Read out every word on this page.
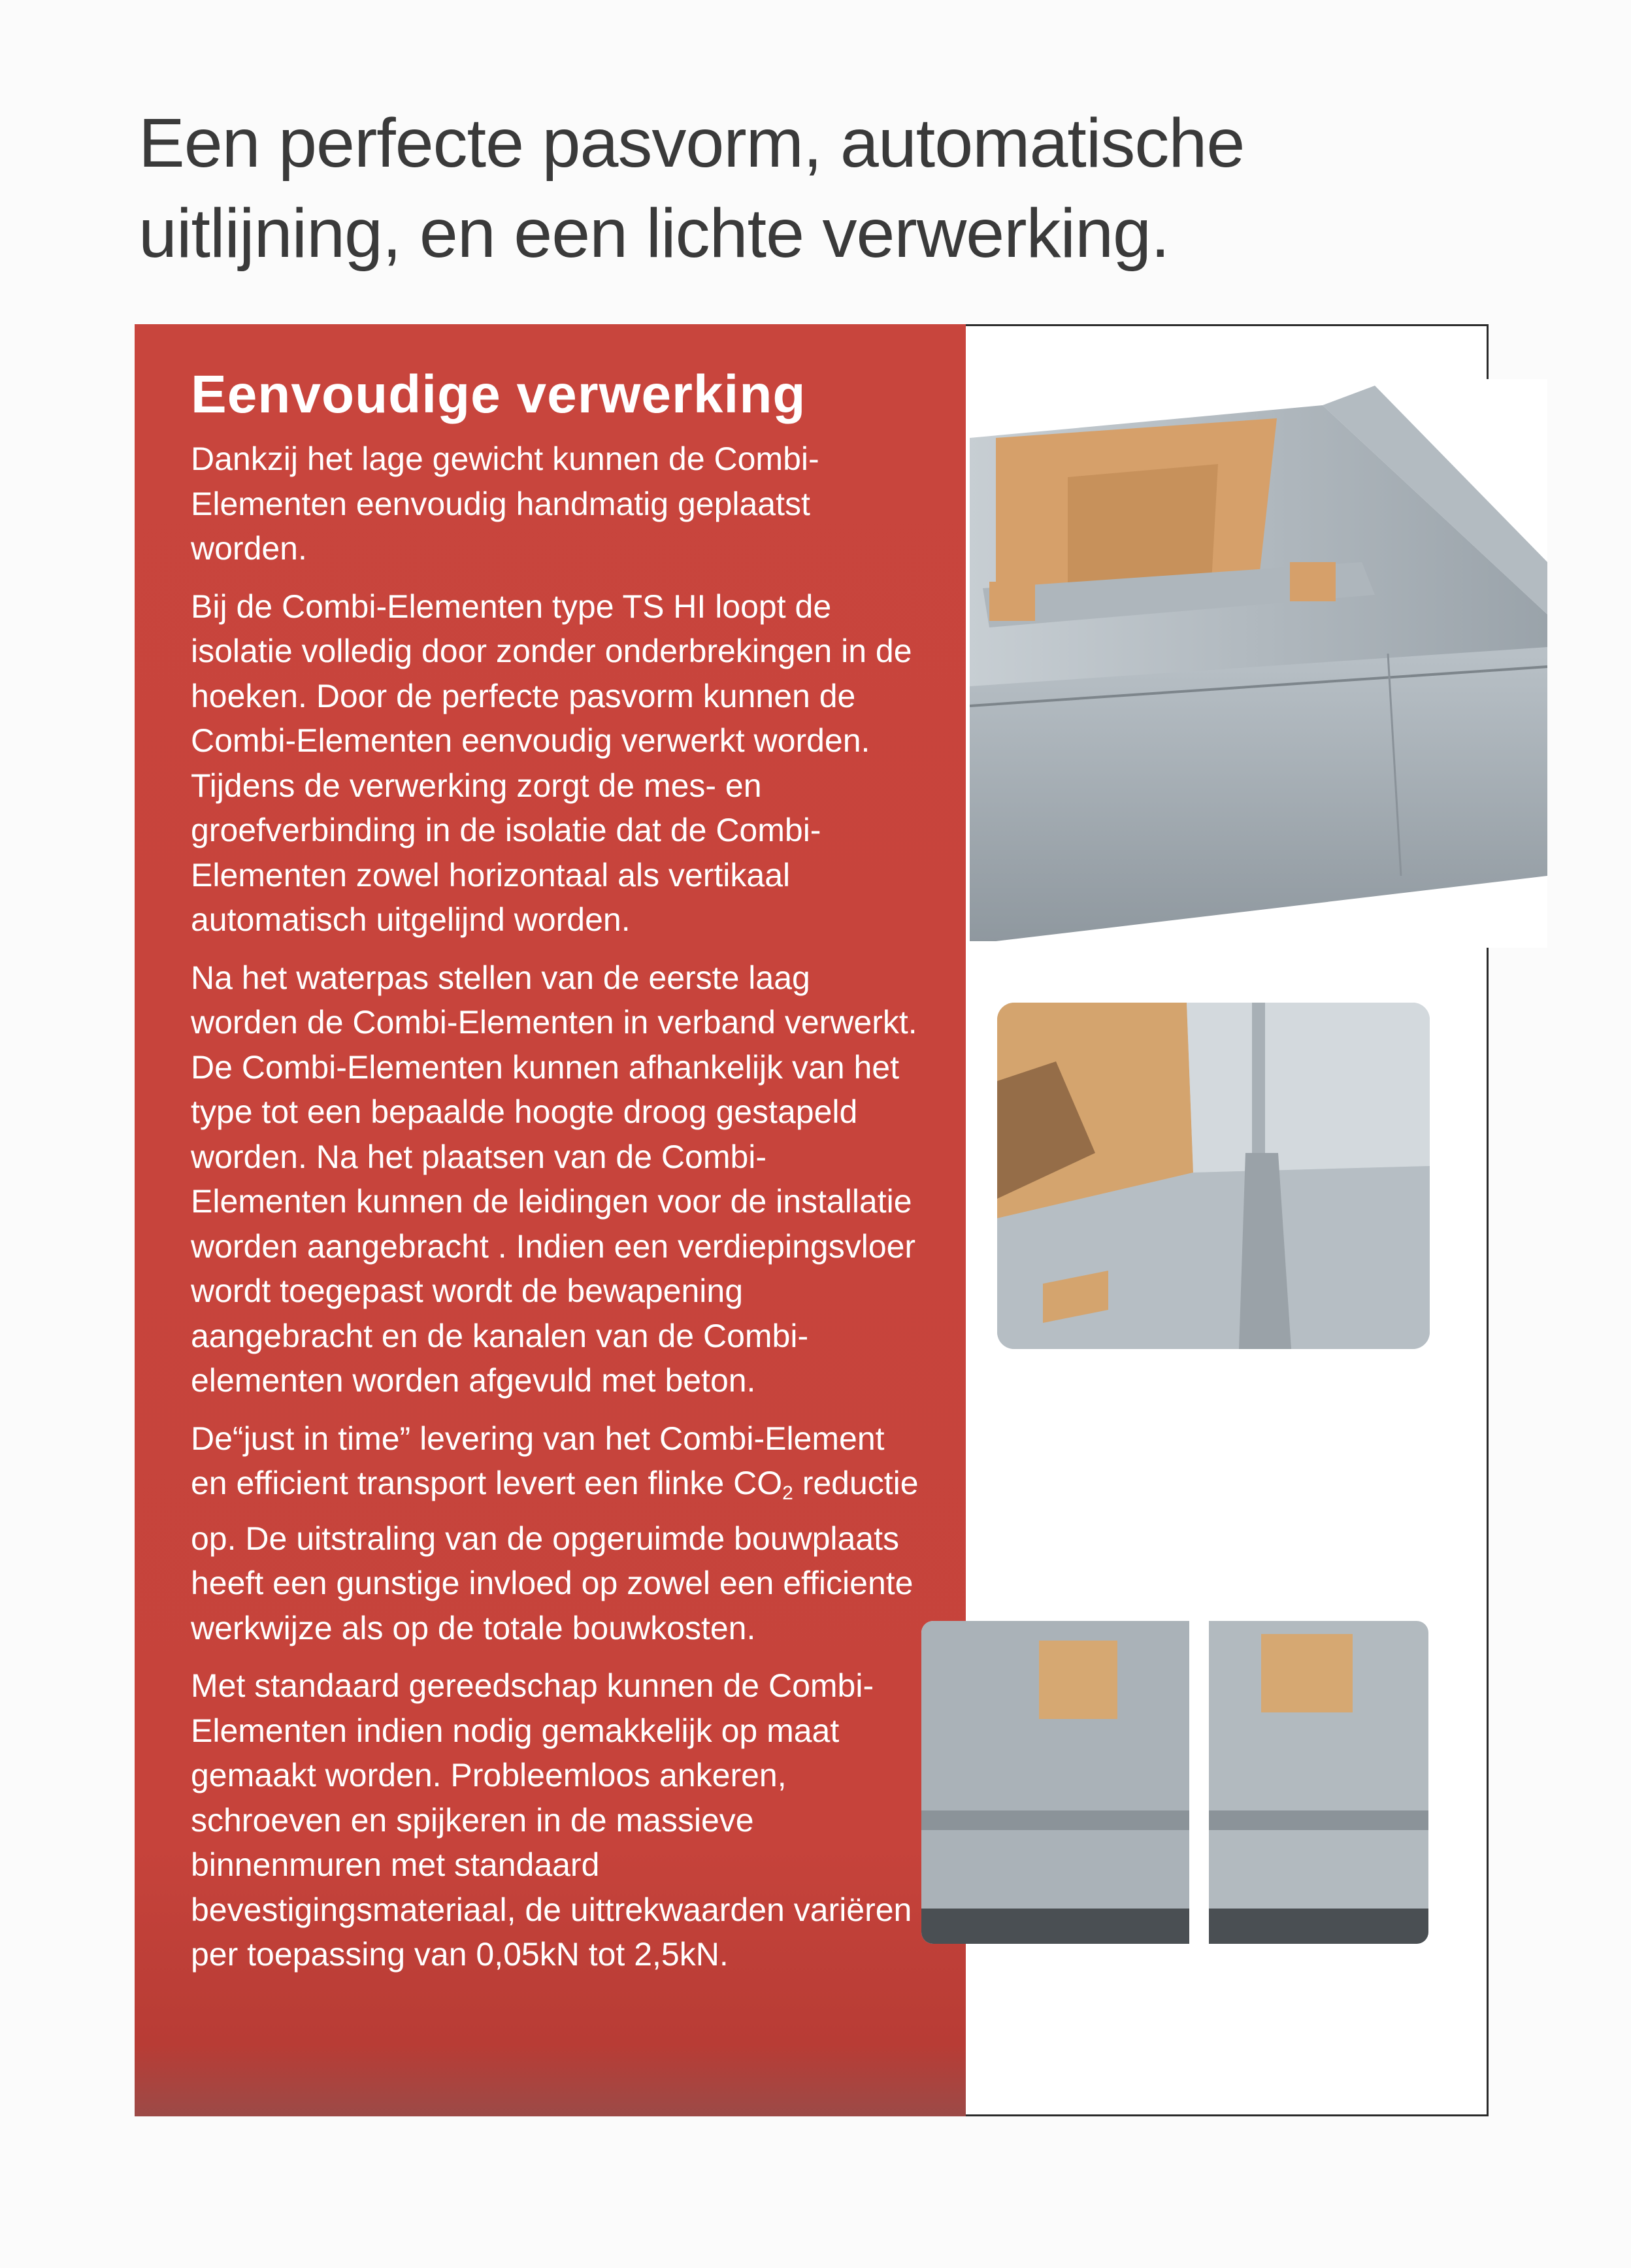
Een perfecte pasvorm, automatische
uitlijning, en een lichte verwerking.
Eenvoudige verwerking

Dankzij het lage gewicht kunnen de Combi-Elementen eenvoudig handmatig geplaatst worden.

Bij de Combi-Elementen type TS HI loopt de isolatie volledig door zonder onderbrekingen in de hoeken. Door de perfecte pasvorm kunnen de Combi-Elementen eenvoudig verwerkt worden. Tijdens de verwerking zorgt de mes- en groefverbinding in de isolatie dat de Combi-Elementen zowel horizontaal als vertikaal automatisch uitgelijnd worden.

Na het waterpas stellen van de eerste laag worden de Combi-Elementen in verband verwerkt. De Combi-Elementen kunnen afhankelijk van het type tot een bepaalde hoogte droog gestapeld worden. Na het plaatsen van de Combi-Elementen kunnen de leidingen voor de installatie worden aangebracht . Indien een verdiepingsvloer wordt toegepast wordt de bewapening aangebracht en de kanalen van de Combi-elementen worden afgevuld met beton.

De“just in time” levering van het Combi-Element en efficient transport levert een flinke $CO_2$ reductie op. De uitstraling van de opgeruimde bouwplaats heeft een gunstige invloed op zowel een efficiente werkwijze als op de totale bouwkosten.

Met standaard gereedschap kunnen de Combi-Elementen indien nodig gemakkelijk op maat gemaakt worden. Probleemloos ankeren, schroeven en spijkeren in de massieve binnenmuren met standaard bevestigingsmateriaal, de uittrekwaarden variëren per toepassing van 0,05kN tot 2,5kN.
